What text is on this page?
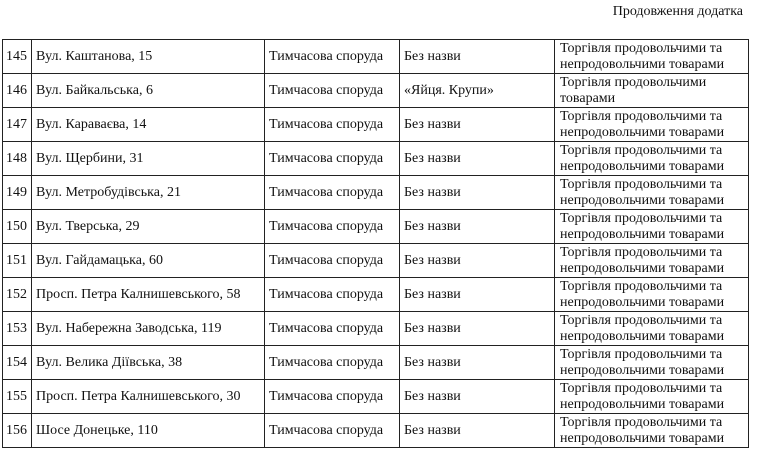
Продовження додатка
145	Вул. Каштанова, 15	Тимчасова споруда	Без назви	Торгівля продовольчими та
непродовольчими товарами

146	Вул. Байкальська, 6	Тимчасова споруда	«Яйця. Крупи»	Торгівля продовольчими
товарами

147	Вул. Караваєва, 14	Тимчасова споруда	Без назви	Торгівля продовольчими та
непродовольчими товарами

148	Вул. Щербини, 31	Тимчасова споруда	Без назви	Торгівля продовольчими та
непродовольчими товарами

149	Вул. Метробудівська, 21	Тимчасова споруда	Без назви	Торгівля продовольчими та
непродовольчими товарами

150	Вул. Тверська, 29	Тимчасова споруда	Без назви	Торгівля продовольчими та
непродовольчими товарами

151	Вул. Гайдамацька, 60	Тимчасова споруда	Без назви	Торгівля продовольчими та
непродовольчими товарами

152	Просп. Петра Калнишевського, 58	Тимчасова споруда	Без назви	Торгівля продовольчими та
непродовольчими товарами

153	Вул. Набережна Заводська, 119	Тимчасова споруда	Без назви	Торгівля продовольчими та
непродовольчими товарами

154	Вул. Велика Діївська, 38	Тимчасова споруда	Без назви	Торгівля продовольчими та
непродовольчими товарами

155	Просп. Петра Калнишевського, 30	Тимчасова споруда	Без назви	Торгівля продовольчими та
непродовольчими товарами

156	Шосе Донецьке, 110	Тимчасова споруда	Без назви	Торгівля продовольчими та
непродовольчими товарами
